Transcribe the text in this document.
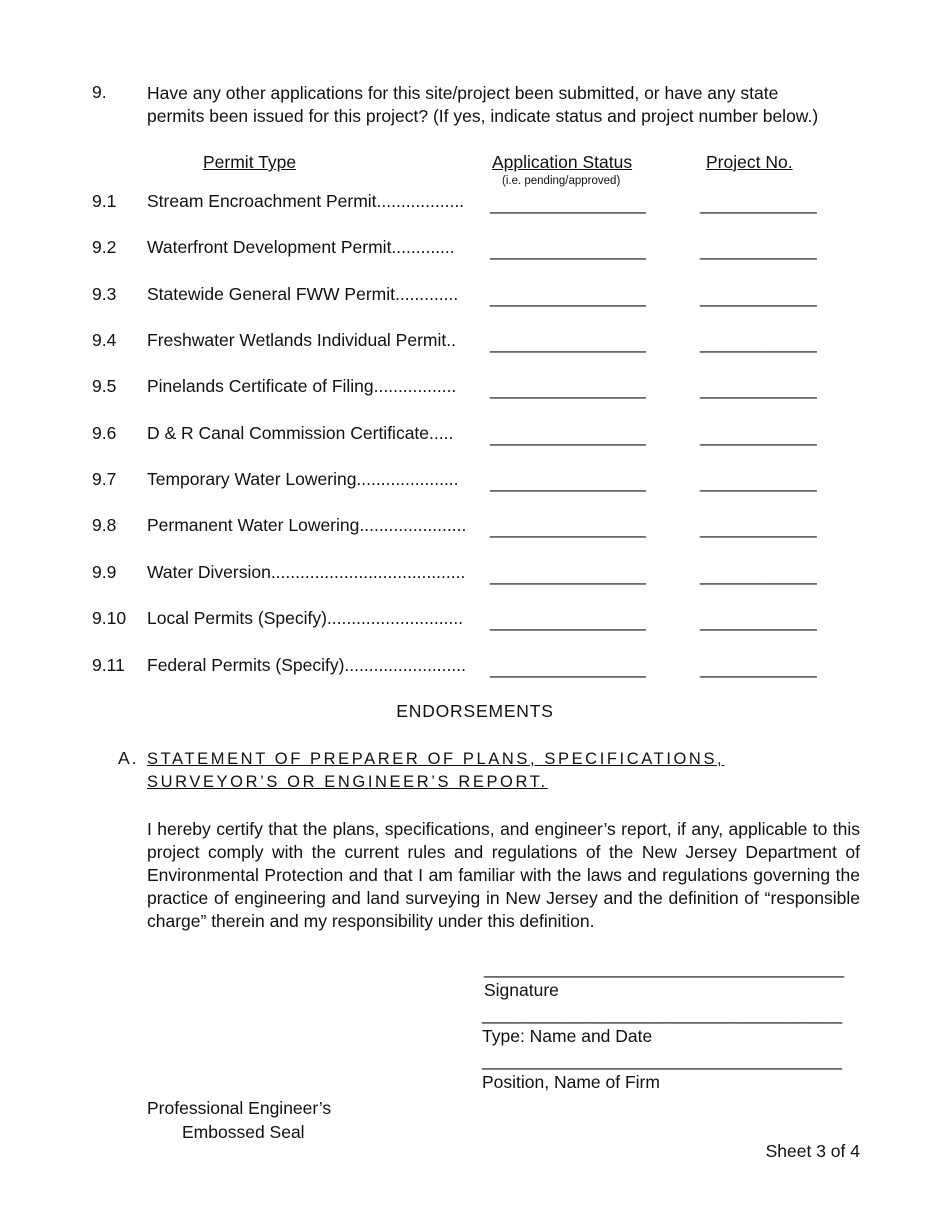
9. Have any other applications for this site/project been submitted, or have any state
permits been issued for this project? (If yes, indicate status and project number below.)
Permit Type	Application Status	Project No.
(i.e. pending/approved)
9.1 Stream Encroachment Permit.................. ________________	____________
9.2 Waterfront Development Permit............. ________________	____________
9.3 Statewide General FWW Permit............. ________________	____________
9.4 Freshwater Wetlands Individual Permit.. ________________	____________
9.5 Pinelands Certificate of Filing................. ________________	____________
9.6 D & R Canal Commission Certificate..... ________________	____________
9.7 Temporary Water Lowering..................... ________________	____________
9.8 Permanent Water Lowering...................... ________________	____________
9.9 Water Diversion........................................ ________________	____________
9.10 Local Permits (Specify)............................ ________________	____________
9.11 Federal Permits (Specify)......................... ________________	____________
ENDORSEMENTS
A. STATEMENT OF PREPARER OF PLANS, SPECIFICATIONS, SURVEYOR’S OR ENGINEER’S REPORT.
I hereby certify that the plans, specifications, and engineer’s report, if any, applicable to this project comply with the current rules and regulations of the New Jersey Department of Environmental Protection and that I am familiar with the laws and regulations governing the practice of engineering and land surveying in New Jersey and the definition of “responsible charge” therein and my responsibility under this definition.
_____________________________________
Signature
_____________________________________
Type: Name and Date
_____________________________________
Position, Name of Firm
Professional Engineer’s
Embossed Seal
Sheet 3 of 4
